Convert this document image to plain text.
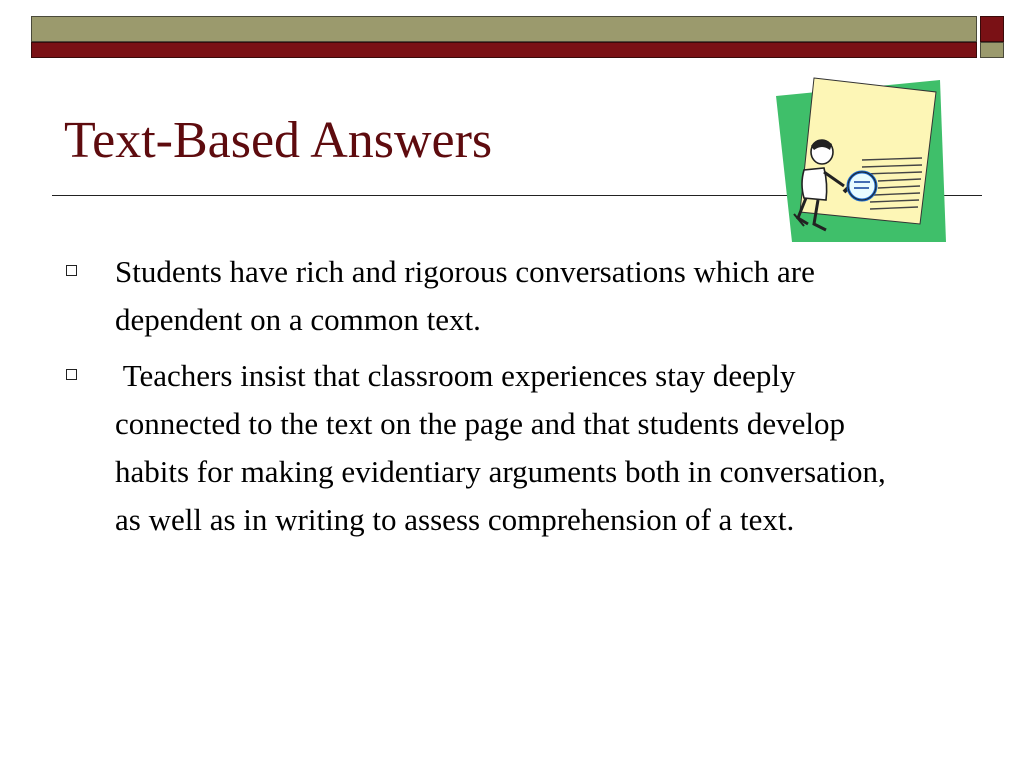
Text-Based Answers
Students have rich and rigorous conversations which are dependent on a common text.
Teachers insist that classroom experiences stay deeply connected to the text on the page and that students develop habits for making evidentiary arguments both in conversation, as well as in writing to assess comprehension of a text.
